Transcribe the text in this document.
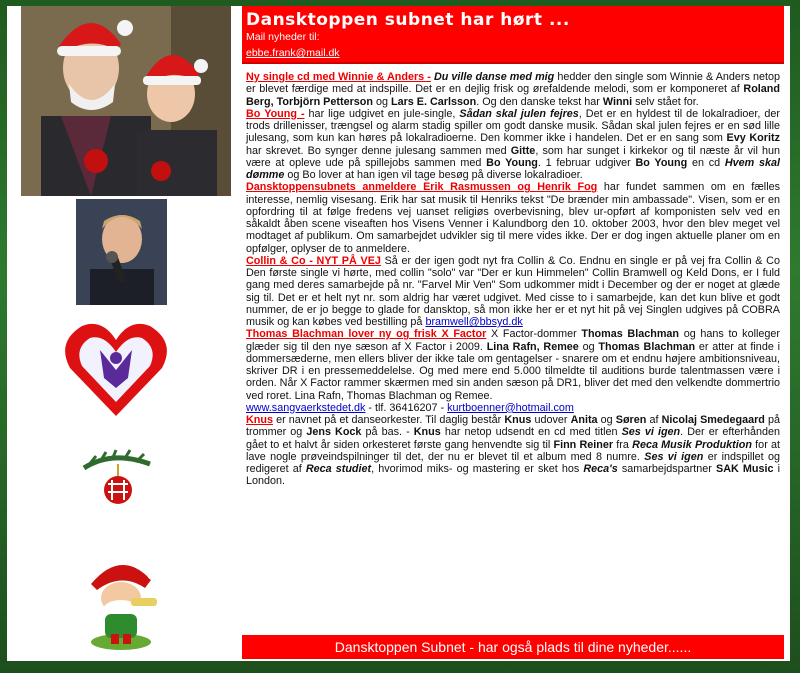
Dansktoppen subnet har hørt ...
Mail nyheder til:
ebbe.frank@mail.dk

Ny single cd med Winnie & Anders - Du ville danse med mig hedder den single som Winnie & Anders netop er blevet færdige med at indspille. Det er en dejlig frisk og ørefaldende melodi, som er komponeret af Roland Berg, Torbjörn Petterson og Lars E. Carlsson. Og den danske tekst har Winni selv stået for.

Bo Young - har lige udgivet en jule-single, Sådan skal julen fejres, Det er en hyldest til de lokalradioer, der trods drillenisser, trængsel og alarm stadig spiller om godt danske musik. Sådan skal julen fejres er en sød lille julesang, som kun kan høres på lokalradioerne. Den kommer ikke i handelen. Det er en sang som Evy Koritz har skrevet. Bo synger denne julesang sammen med Gitte, som har sunget i kirkekor og til næste år vil hun være at opleve ude på spillejobs sammen med Bo Young. 1 februar udgiver Bo Young en cd Hvem skal dømme og Bo lover at han igen vil tage besøg på diverse lokalradioer.

Dansktoppensubnets anmeldere Erik Rasmussen og Henrik Fog har fundet sammen om en fælles interesse, nemlig visesang. Erik har sat musik til Henriks tekst "De brænder min ambassade". Visen, som er en opfordring til at følge fredens vej uanset religiøs overbevisning, blev ur-opført af komponisten selv ved en såkaldt åben scene viseaften hos Visens Venner i Kalundborg den 10. oktober 2003, hvor den blev meget vel modtaget af publikum. Om samarbejdet udvikler sig til mere vides ikke. Der er dog ingen aktuelle planer om en opfølger, oplyser de to anmeldere.

Collin & Co - NYT PÅ VEJ Så er der igen godt nyt fra Collin & Co. Endnu en single er på vej fra Collin & Co Den første single vi hørte, med collin "solo" var "Der er kun Himmelen" Collin Bramwell og Keld Dons, er I fuld gang med deres samarbejde på nr. "Farvel Mir Ven" Som udkommer midt i December og der er noget at glæde sig til. Det er et helt nyt nr. som aldrig har været udgivet. Med cisse to i samarbejde, kan det kun blive et godt nummer, de er jo begge to glade for dansktop, så mon ikke her er et nyt hit på vej Singlen udgives på COBRA musik og kan købes ved bestilling på bramwell@bbsyd.dk

Thomas Blachman lover ny og frisk X Factor X Factor-dommer Thomas Blachman og hans to kolleger glæder sig til den nye sæson af X Factor i 2009. Lina Rafn, Remee og Thomas Blachman er atter at finde i dommersæderne, men ellers bliver der ikke tale om gentagelser - snarere om et endnu højere ambitionsniveau, skriver DR i en pressemeddelelse. Og med mere end 5.000 tilmeldte til auditions burde talentmassen være i orden. Når X Factor rammer skærmen med sin anden sæson på DR1, bliver det med den velkendte dommertrio ved roret. Lina Rafn, Thomas Blachman og Remee.
www.sangvaerkstedet.dk - tlf. 36416207 - kurtboenner@hotmail.com

Knus er navnet på et danseorkester. Til daglig består Knus udover Anita og Søren af Nicolaj Smedegaard på trommer og Jens Kock på bas. - Knus har netop udsendt en cd med titlen Ses vi igen. Der er efterhånden gået to et halvt år siden orkesteret første gang henvendte sig til Finn Reiner fra Reca Musik Produktion for at lave nogle prøveindspilninger til det, der nu er blevet til et album med 8 numre. Ses vi igen er indspillet og redigeret af Reca studiet, hvorimod miks- og mastering er sket hos Reca's samarbejdspartner SAK Music i London.

Dansktoppen Subnet - har også plads til dine nyheder......
